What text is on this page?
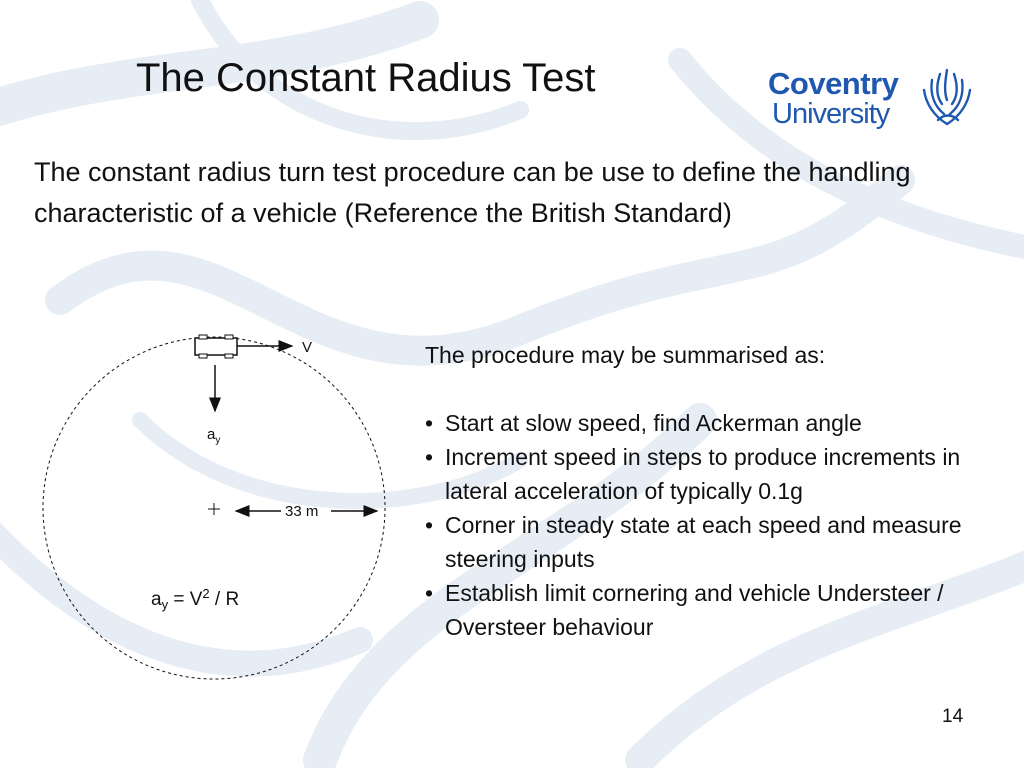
The Constant Radius Test	Coventry
University
The constant radius turn test procedure can be use to define the handling characteristic of a vehicle (Reference the British Standard)
V
$a_y$
33 m
$a_y = V^2 / R$
The procedure may be summarised as:
• Start at slow speed, find Ackerman angle
• Increment speed in steps to produce increments in lateral acceleration of typically 0.1g
• Corner in steady state at each speed and measure steering inputs
• Establish limit cornering and vehicle Understeer / Oversteer behaviour
14
